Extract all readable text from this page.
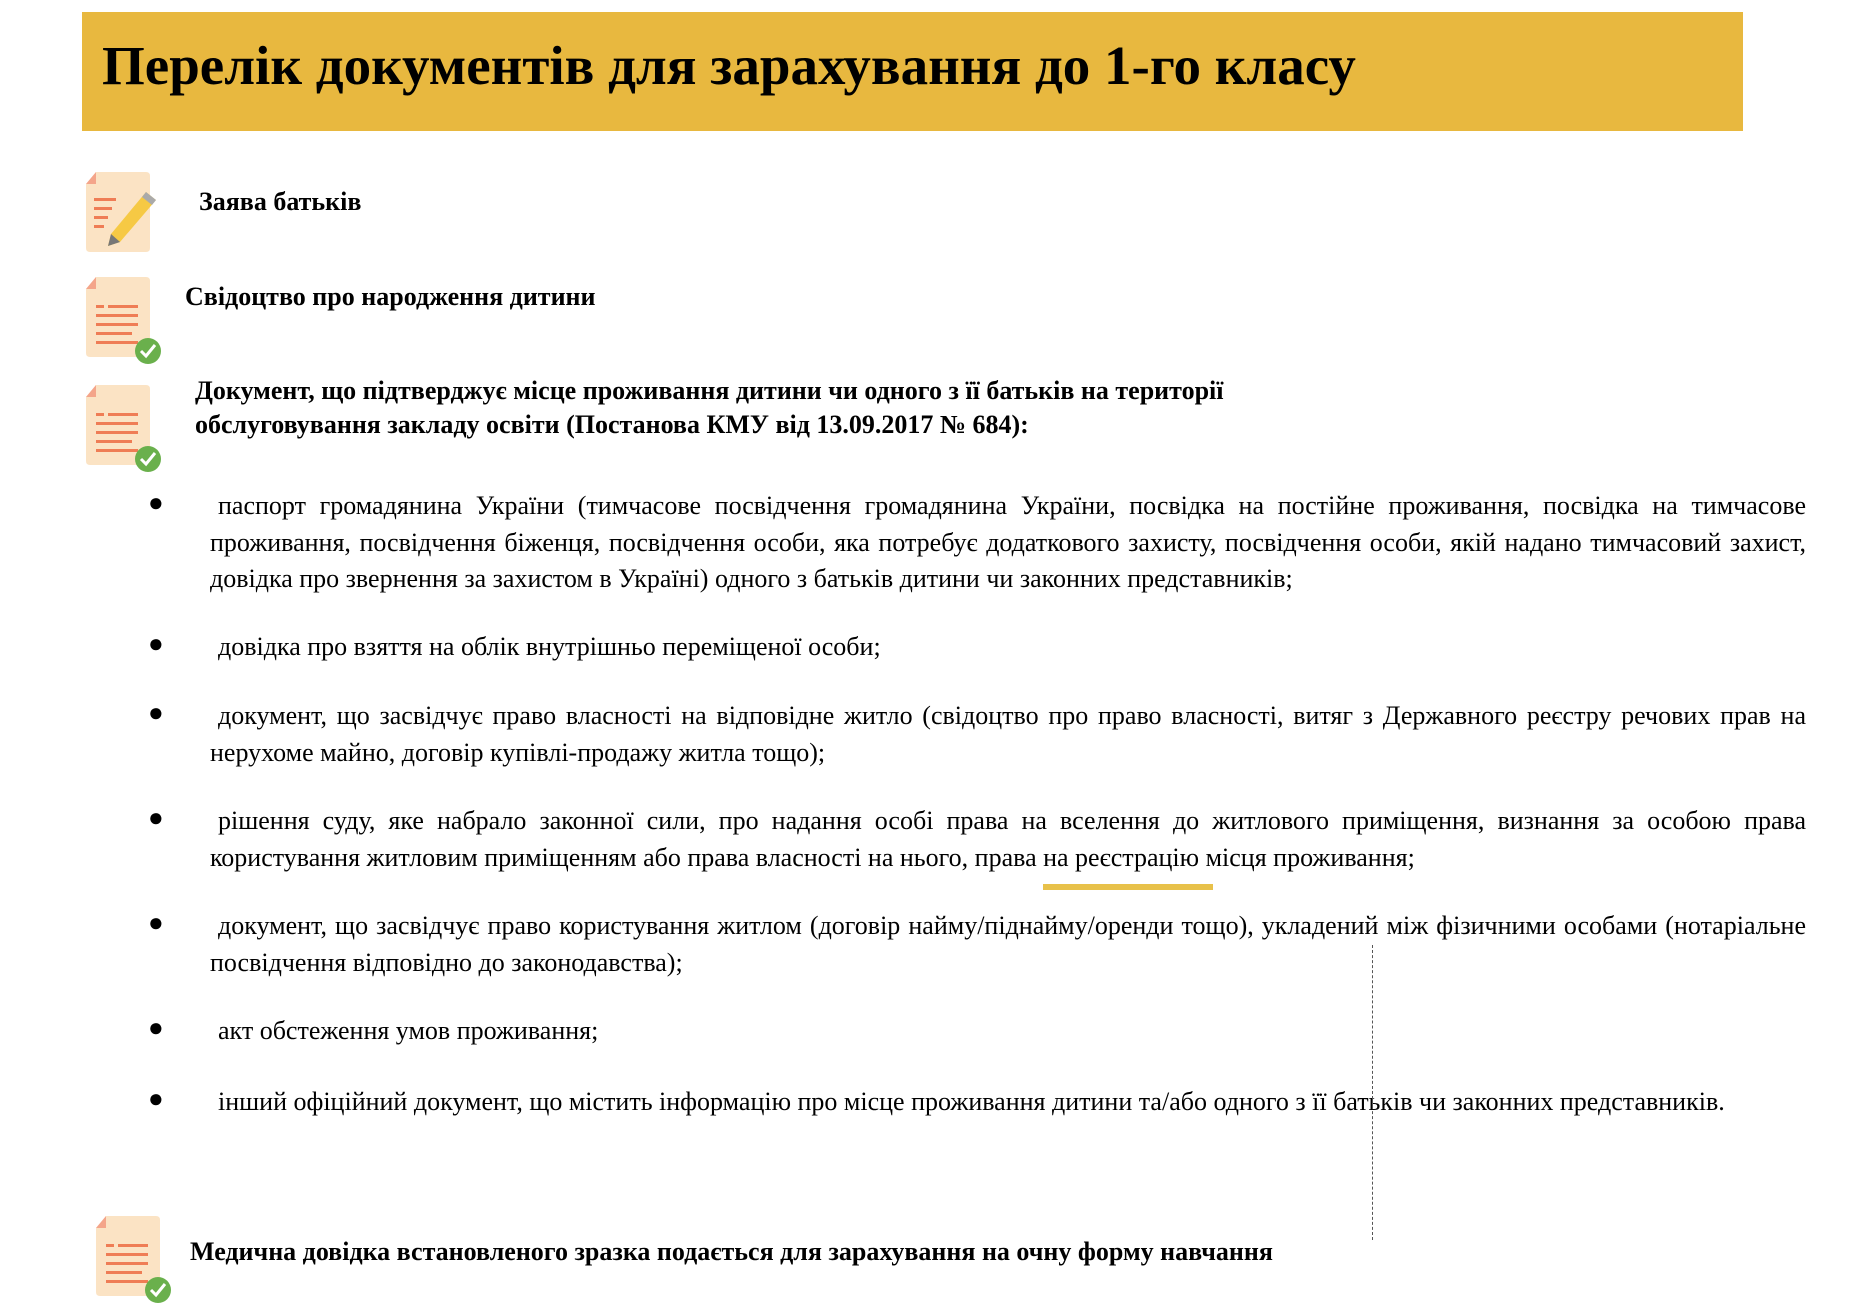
Перелік документів для зарахування до 1-го класу
Заява батьків
Свідоцтво про народження дитини
Документ, що підтверджує місце проживання дитини чи одного з її батьків на території
обслуговування закладу освіти (Постанова КМУ від 13.09.2017 № 684):
●	паспорт громадянина України (тимчасове посвідчення громадянина України, посвідка на постійне проживання, посвідка на тимчасове проживання, посвідчення біженця, посвідчення особи, яка потребує додаткового захисту, посвідчення особи, якій надано тимчасовий захист, довідка про звернення за захистом в Україні) одного з батьків дитини чи законних представників;
●	довідка про взяття на облік внутрішньо переміщеної особи;
●	документ, що засвідчує право власності на відповідне житло (свідоцтво про право власності, витяг з Державного реєстру речових прав на нерухоме майно, договір купівлі-продажу житла тощо);
●	рішення суду, яке набрало законної сили, про надання особі права на вселення до житлового приміщення, визнання за особою права користування житловим приміщенням або права власності на нього, права на реєстрацію місця проживання;
●	документ, що засвідчує право користування житлом (договір найму/піднайму/оренди тощо), укладений між фізичними особами (нотаріальне посвідчення відповідно до законодавства);
●	акт обстеження умов проживання;
●	інший офіційний документ, що містить інформацію про місце проживання дитини та/або одного з її батьків чи законних представників.
Медична довідка встановленого зразка подається для зарахування на очну форму навчання
